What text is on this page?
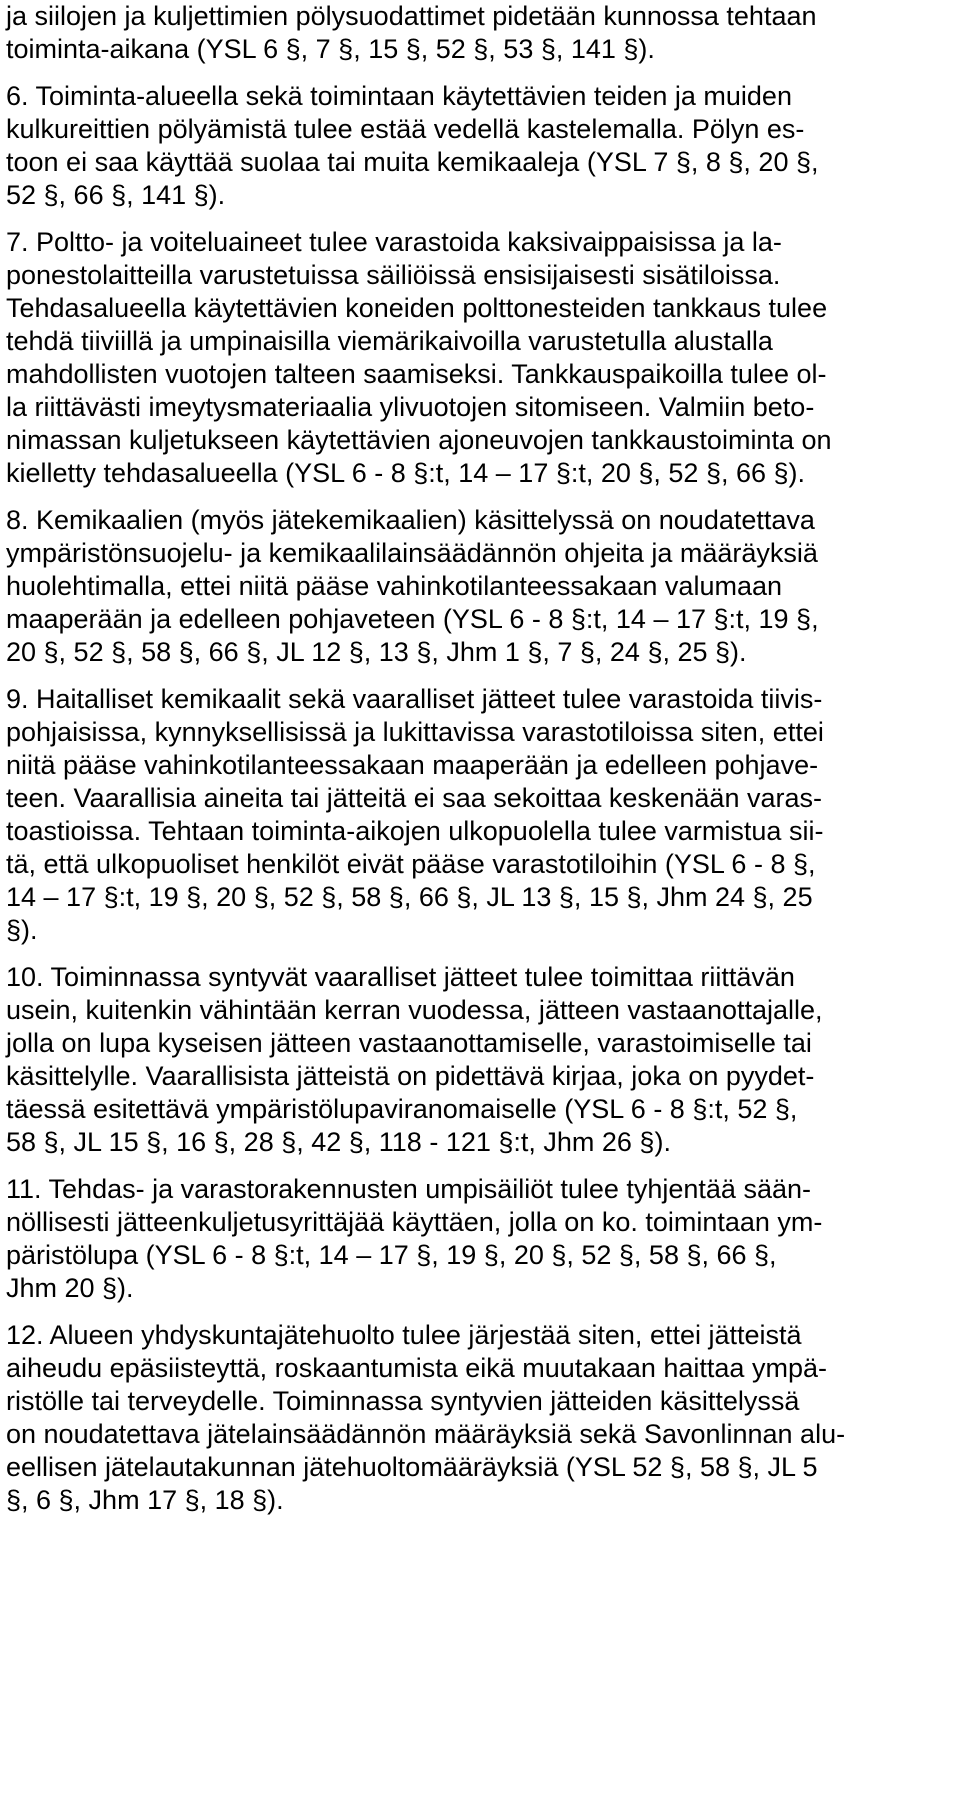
ja siilojen ja kuljettimien pölysuodattimet pidetään kunnossa tehtaan
toiminta-aikana (YSL 6 §, 7 §, 15 §, 52 §, 53 §, 141 §).
6. Toiminta-alueella sekä toimintaan käytettävien teiden ja muiden
kulkureittien pölyämistä tulee estää vedellä kastelemalla. Pölyn es-
toon ei saa käyttää suolaa tai muita kemikaaleja (YSL 7 §, 8 §, 20 §,
52 §, 66 §, 141 §).
7. Poltto- ja voiteluaineet tulee varastoida kaksivaippaisissa ja la-
ponestolaitteilla varustetuissa säiliöissä ensisijaisesti sisätiloissa.
Tehdasalueella käytettävien koneiden polttonesteiden tankkaus tulee
tehdä tiiviillä ja umpinaisilla viemärikaivoilla varustetulla alustalla
mahdollisten vuotojen talteen saamiseksi. Tankkauspaikoilla tulee ol-
la riittävästi imeytysmateriaalia ylivuotojen sitomiseen. Valmiin beto-
nimassan kuljetukseen käytettävien ajoneuvojen tankkaustoiminta on
kielletty tehdasalueella (YSL 6 - 8 §:t, 14 – 17 §:t, 20 §, 52 §, 66 §).
8. Kemikaalien (myös jätekemikaalien) käsittelyssä on noudatettava
ympäristönsuojelu- ja kemikaalilainsäädännön ohjeita ja määräyksiä
huolehtimalla, ettei niitä pääse vahinkotilanteessakaan valumaan
maaperään ja edelleen pohjaveteen (YSL 6 - 8 §:t, 14 – 17 §:t, 19 §,
20 §, 52 §, 58 §, 66 §, JL 12 §, 13 §, Jhm 1 §, 7 §, 24 §, 25 §).
9. Haitalliset kemikaalit sekä vaaralliset jätteet tulee varastoida tiivis-
pohjaisissa, kynnyksellisissä ja lukittavissa varastotiloissa siten, ettei
niitä pääse vahinkotilanteessakaan maaperään ja edelleen pohjave-
teen. Vaarallisia aineita tai jätteitä ei saa sekoittaa keskenään varas-
toastioissa. Tehtaan toiminta-aikojen ulkopuolella tulee varmistua sii-
tä, että ulkopuoliset henkilöt eivät pääse varastotiloihin (YSL 6 - 8 §,
14 – 17 §:t, 19 §, 20 §, 52 §, 58 §, 66 §, JL 13 §, 15 §, Jhm 24 §, 25
§).
10. Toiminnassa syntyvät vaaralliset jätteet tulee toimittaa riittävän
usein, kuitenkin vähintään kerran vuodessa, jätteen vastaanottajalle,
jolla on lupa kyseisen jätteen vastaanottamiselle, varastoimiselle tai
käsittelylle. Vaarallisista jätteistä on pidettävä kirjaa, joka on pyydet-
täessä esitettävä ympäristölupaviranomaiselle (YSL 6 - 8 §:t, 52 §,
58 §, JL 15 §, 16 §, 28 §, 42 §, 118 - 121 §:t, Jhm 26 §).
11. Tehdas- ja varastorakennusten umpisäiliöt tulee tyhjentää sään-
nöllisesti jätteenkuljetusyrittäjää käyttäen, jolla on ko. toimintaan ym-
päristölupa (YSL 6 - 8 §:t, 14 – 17 §, 19 §, 20 §, 52 §, 58 §, 66 §,
Jhm 20 §).
12. Alueen yhdyskuntajätehuolto tulee järjestää siten, ettei jätteistä
aiheudu epäsiisteyttä, roskaantumista eikä muutakaan haittaa ympä-
ristölle tai terveydelle. Toiminnassa syntyvien jätteiden käsittelyssä
on noudatettava jätelainsäädännön määräyksiä sekä Savonlinnan alu-
eellisen jätelautakunnan jätehuoltomääräyksiä (YSL 52 §, 58 §, JL 5
§, 6 §, Jhm 17 §, 18 §).
